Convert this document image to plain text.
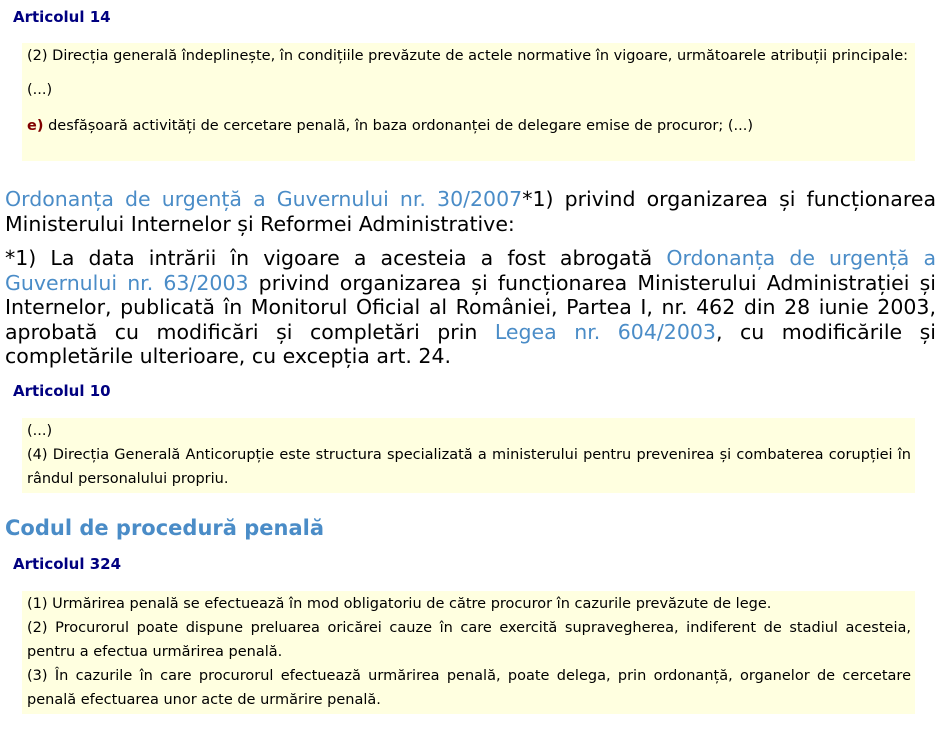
Articolul 14

(2) Direcția generală îndeplinește, în condițiile prevăzute de actele normative în vigoare, următoarele atribuții principale:

(...)

e) desfășoară activități de cercetare penală, în baza ordonanței de delegare emise de procuror; (...)

Ordonanța de urgență a Guvernului nr. 30/2007*1) privind organizarea și funcționarea Ministerului Internelor și Reformei Administrative:

*1) La data intrării în vigoare a acesteia a fost abrogată Ordonanța de urgență a Guvernului nr. 63/2003 privind organizarea și funcționarea Ministerului Administrației și Internelor, publicată în Monitorul Oficial al României, Partea I, nr. 462 din 28 iunie 2003, aprobată cu modificări și completări prin Legea nr. 604/2003, cu modificările și completările ulterioare, cu excepția art. 24.

Articolul 10

(...)

(4) Direcția Generală Anticorupție este structura specializată a ministerului pentru prevenirea și combaterea corupției în rândul personalului propriu.

Codul de procedură penală
Articolul 324

(1) Urmărirea penală se efectuează în mod obligatoriu de către procuror în cazurile prevăzute de lege.

(2) Procurorul poate dispune preluarea oricărei cauze în care exercită supravegherea, indiferent de stadiul acesteia, pentru a efectua urmărirea penală.

(3) În cazurile în care procurorul efectuează urmărirea penală, poate delega, prin ordonanță, organelor de cercetare penală efectuarea unor acte de urmărire penală.
